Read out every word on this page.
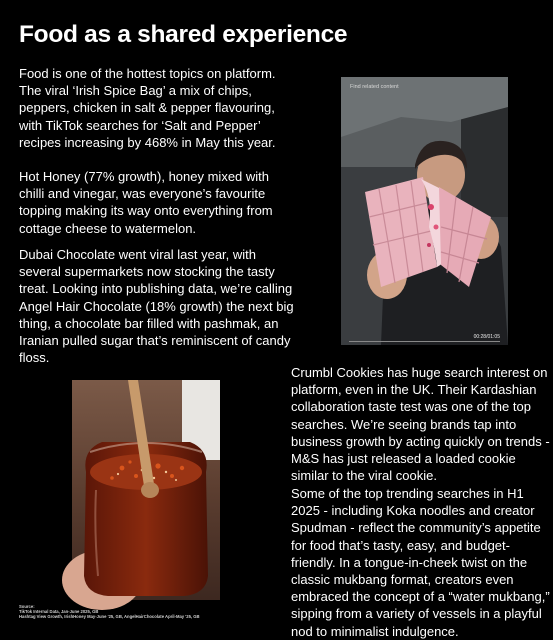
Food as a shared experience

Food is one of the hottest topics on platform. The viral ‘Irish Spice Bag’ a mix of chips, peppers, chicken in salt & pepper flavouring, with TikTok searches for ‘Salt and Pepper’ recipes increasing by 468% in May this year.

Hot Honey (77% growth), honey mixed with chilli and vinegar, was everyone’s favourite topping making its way onto everything from cottage cheese to watermelon.

Dubai Chocolate went viral last year, with several supermarkets now stocking the tasty treat. Looking into publishing data, we’re calling Angel Hair Chocolate (18% growth) the next big thing, a chocolate bar filled with pashmak, an Iranian pulled sugar that’s reminiscent of candy floss.

Find related content
00:28/01:05

Crumbl Cookies has huge search interest on platform, even in the UK. Their Kardashian collaboration taste test was one of the top searches. We’re seeing brands tap into business growth by acting quickly on trends - M&S has just released a loaded cookie similar to the viral cookie.

Some of the top trending searches in H1 2025 - including Koka noodles and creator Spudman - reflect the community’s appetite for food that’s tasty, easy, and budget-friendly. In a tongue-in-cheek twist on the classic mukbang format, creators even embraced the concept of a “water mukbang,” sipping from a variety of vessels in a playful nod to minimalist indulgence.

Source:
TikTok Internal Data, Jan-June 2025, GB
Hashtag View Growth, IrishHoney May-June '25, GB, AngelHairChocolate April-May '25, GB
